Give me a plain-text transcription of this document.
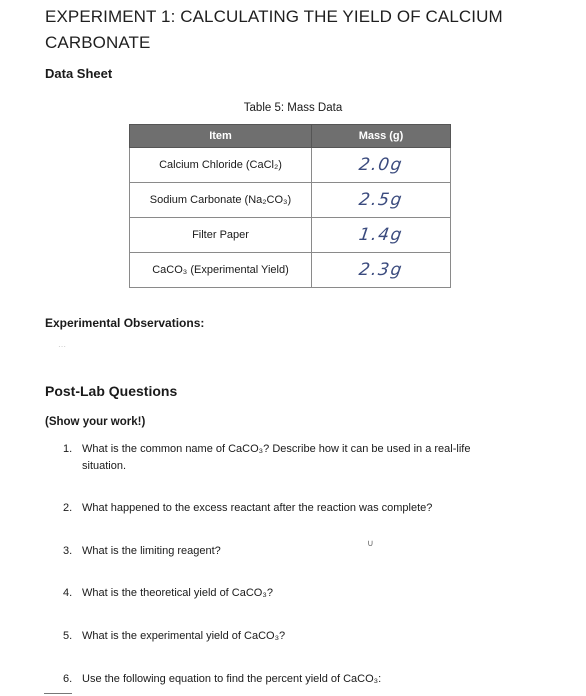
EXPERIMENT 1: CALCULATING THE YIELD OF CALCIUM
CARBONATE
Data Sheet
Table 5: Mass Data
Item	Mass (g)
Calcium Chloride (CaCl₂)	2.0g
Sodium Carbonate (Na₂CO₃)	2.5g
Filter Paper	1.4g
CaCO₃ (Experimental Yield)	2.3g
Experimental Observations:
⋯
Post-Lab Questions
(Show your work!)
1. What is the common name of CaCO₃? Describe how it can be used in a real-life situation.
2. What happened to the excess reactant after the reaction was complete?
∪
3. What is the limiting reagent?
4. What is the theoretical yield of CaCO₃?
5. What is the experimental yield of CaCO₃?
6. Use the following equation to find the percent yield of CaCO₃:
